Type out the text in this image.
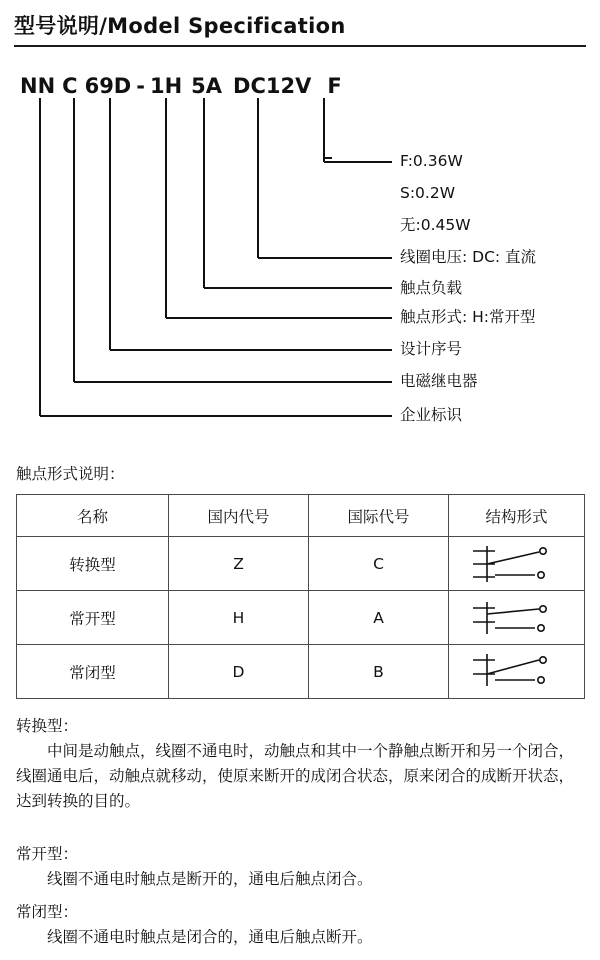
型号说明/Model Specification
NN C 69D - 1H 5A DC12V F
F:0.36W
S:0.2W
无:0.45W
线圈电压: DC: 直流
触点负载
触点形式: H:常开型
设计序号
电磁继电器
企业标识
触点形式说明：
名称	国内代号	国际代号	结构形式
转换型	Z	C	

常开型	H	A	

常闭型	D	B	

转换型：

中间是动触点，线圈不通电时，动触点和其中一个静触点断开和另一个闭合，线圈通电后，动触点就移动，使原来断开的成闭合状态，原来闭合的成断开状态，达到转换的目的。

常开型：

线圈不通电时触点是断开的，通电后触点闭合。

常闭型：

线圈不通电时触点是闭合的，通电后触点断开。
